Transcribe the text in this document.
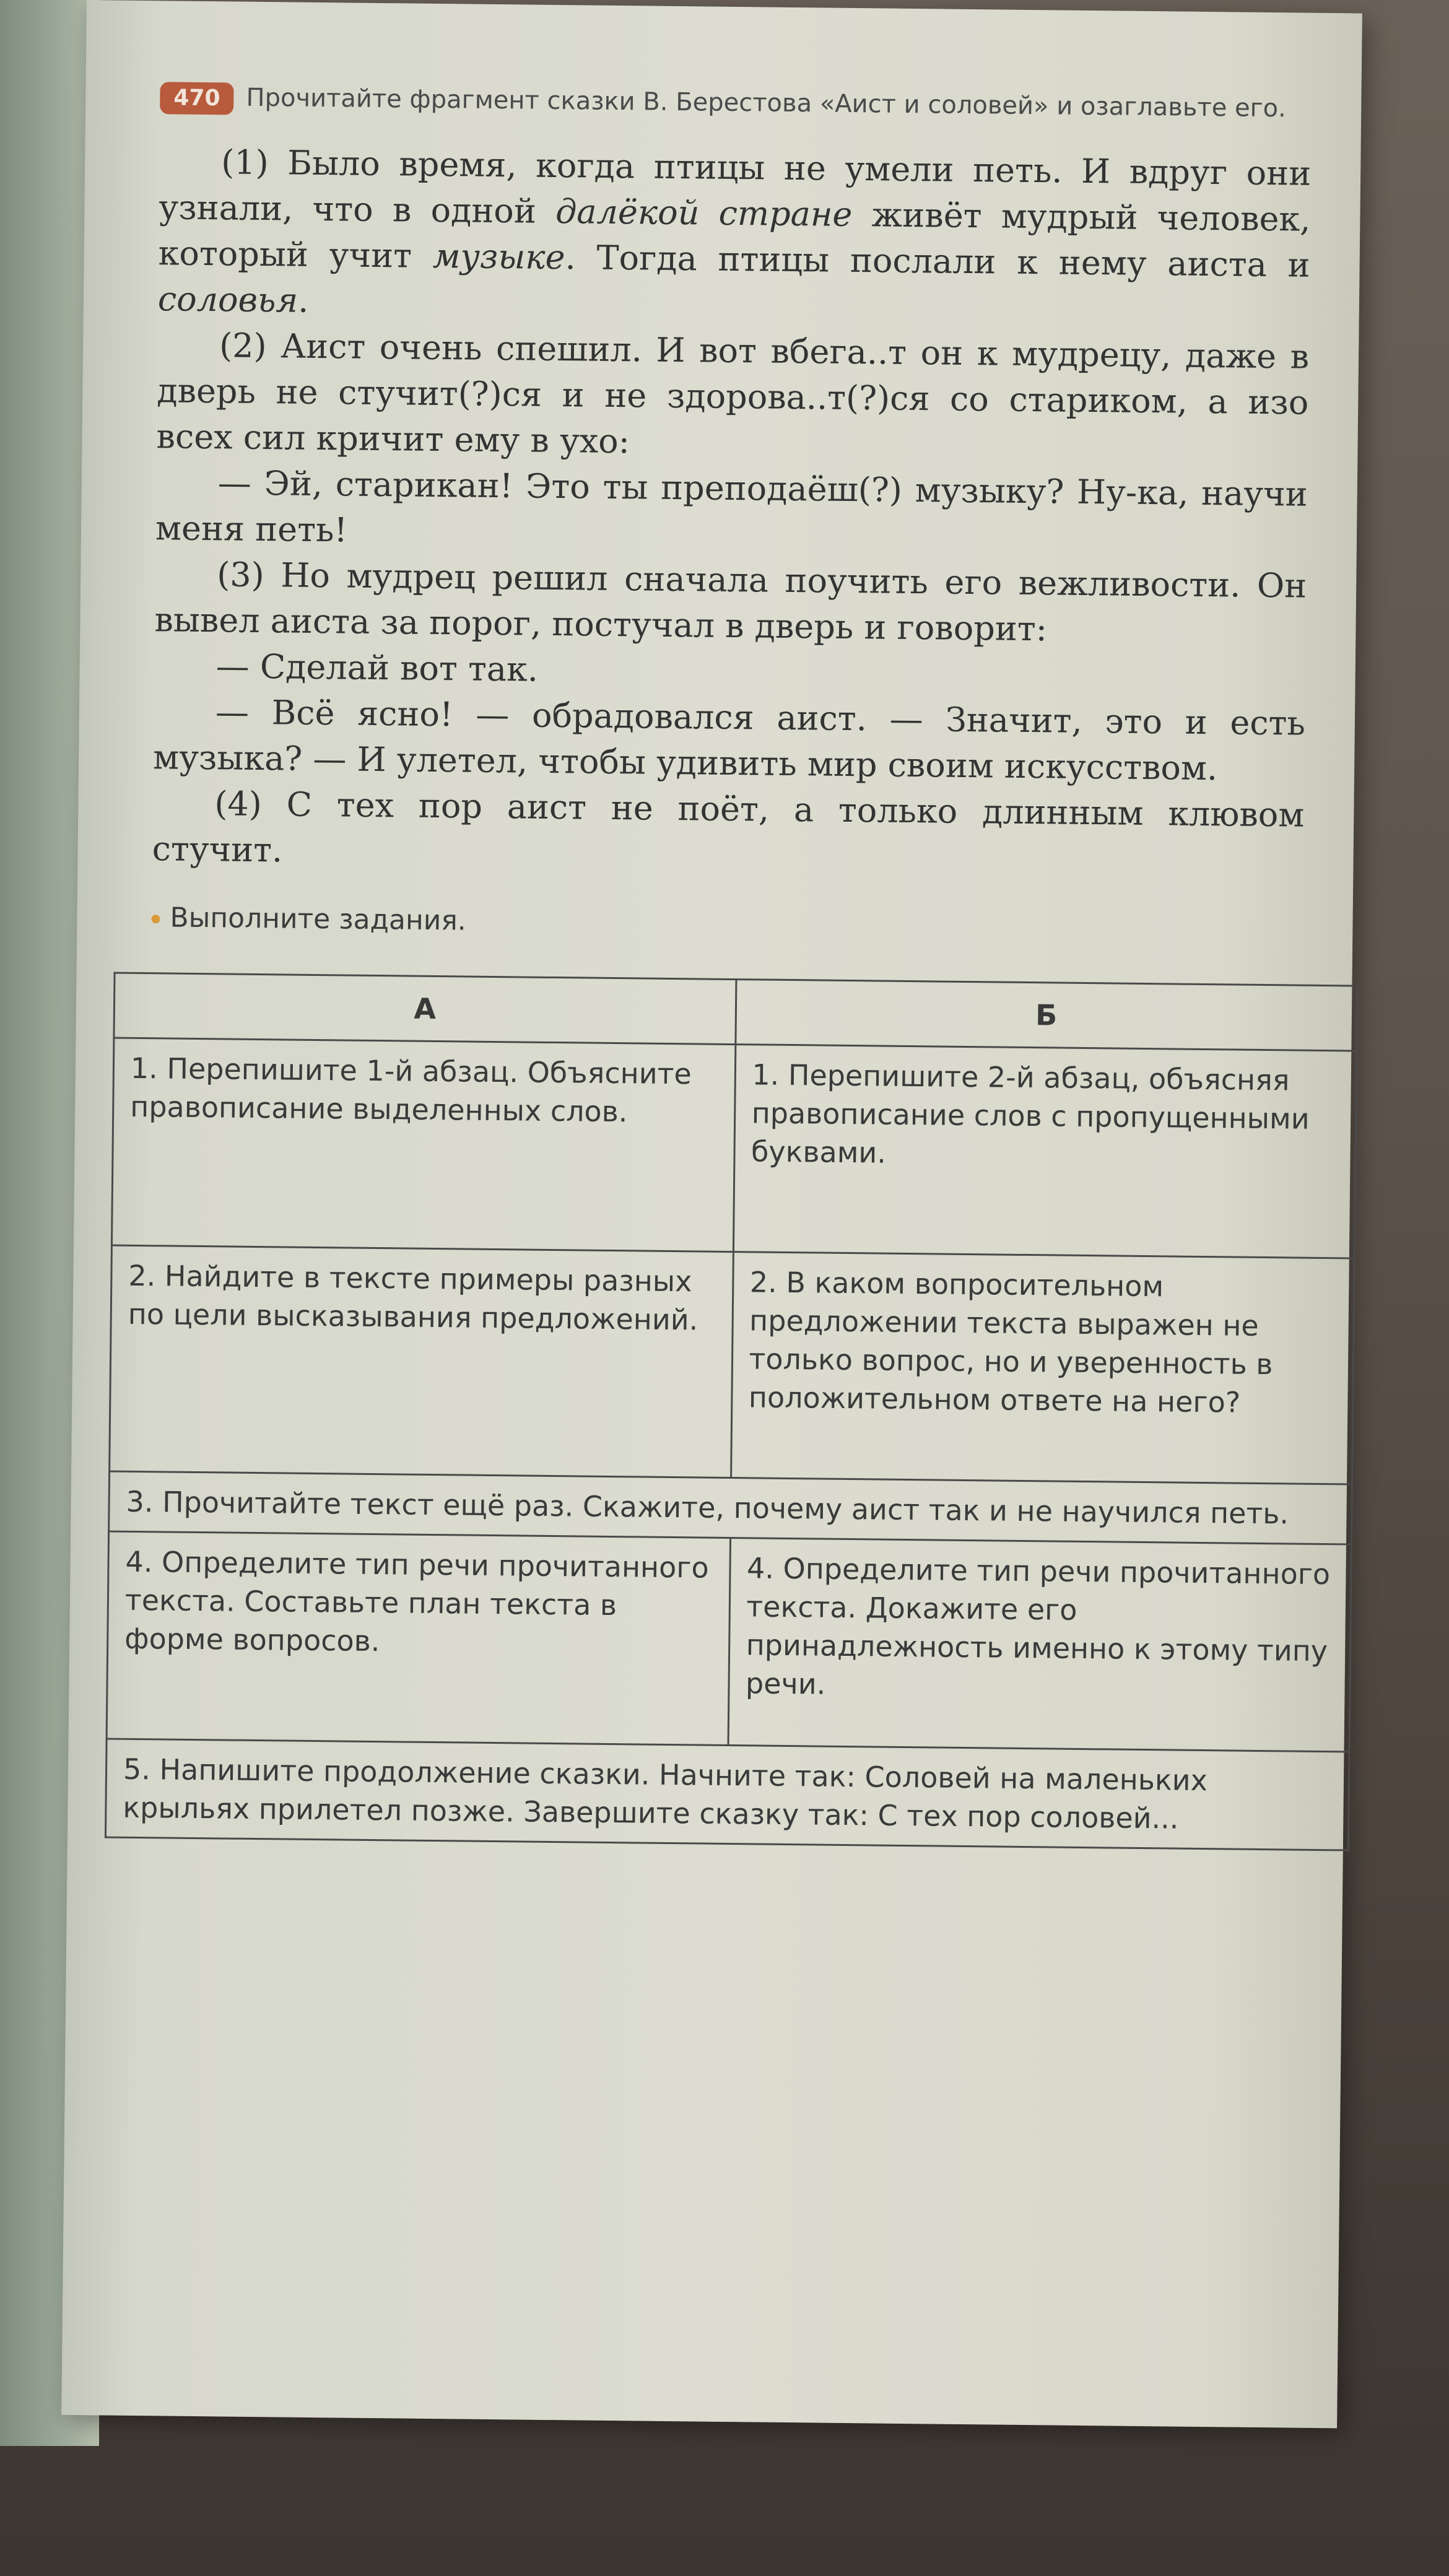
470 Прочитайте фрагмент сказки В. Берестова «Аист и соловей» и озаглавьте его.

(1) Было время, когда птицы не умели петь. И вдруг они узнали, что в одной далёкой стране живёт мудрый человек, который учит музыке. Тогда птицы послали к нему аиста и соловья.

(2) Аист очень спешил. И вот вбега..т он к мудрецу, даже в дверь не стучит(?)ся и не здорова..т(?)ся со стариком, а изо всех сил кричит ему в ухо:

— Эй, старикан! Это ты преподаёш(?) музыку? Ну-ка, научи меня петь!

(3) Но мудрец решил сначала поучить его вежливости. Он вывел аиста за порог, постучал в дверь и говорит:

— Сделай вот так.

— Всё ясно! — обрадовался аист. — Значит, это и есть музыка? — И улетел, чтобы удивить мир своим искусством.

(4) С тех пор аист не поёт, а только длинным клювом стучит.

Выполните задания.
А	Б
1. Перепишите 1-й абзац. Объясните правописание выделенных слов.	1. Перепишите 2-й абзац, объясняя правописание слов с пропущенными буквами.
2. Найдите в тексте примеры разных по цели высказывания предложений.	2. В каком вопросительном предложении текста выражен не только вопрос, но и уверенность в положительном ответе на него?
3. Прочитайте текст ещё раз. Скажите, почему аист так и не научился петь.	
4. Определите тип речи прочитанного текста. Составьте план текста в форме вопросов.	4. Определите тип речи прочитанного текста. Докажите его принадлежность именно к этому типу речи.
5. Напишите продолжение сказки. Начните так: Соловей на маленьких крыльях прилетел позже. Завершите сказку так: С тех пор соловей...	
